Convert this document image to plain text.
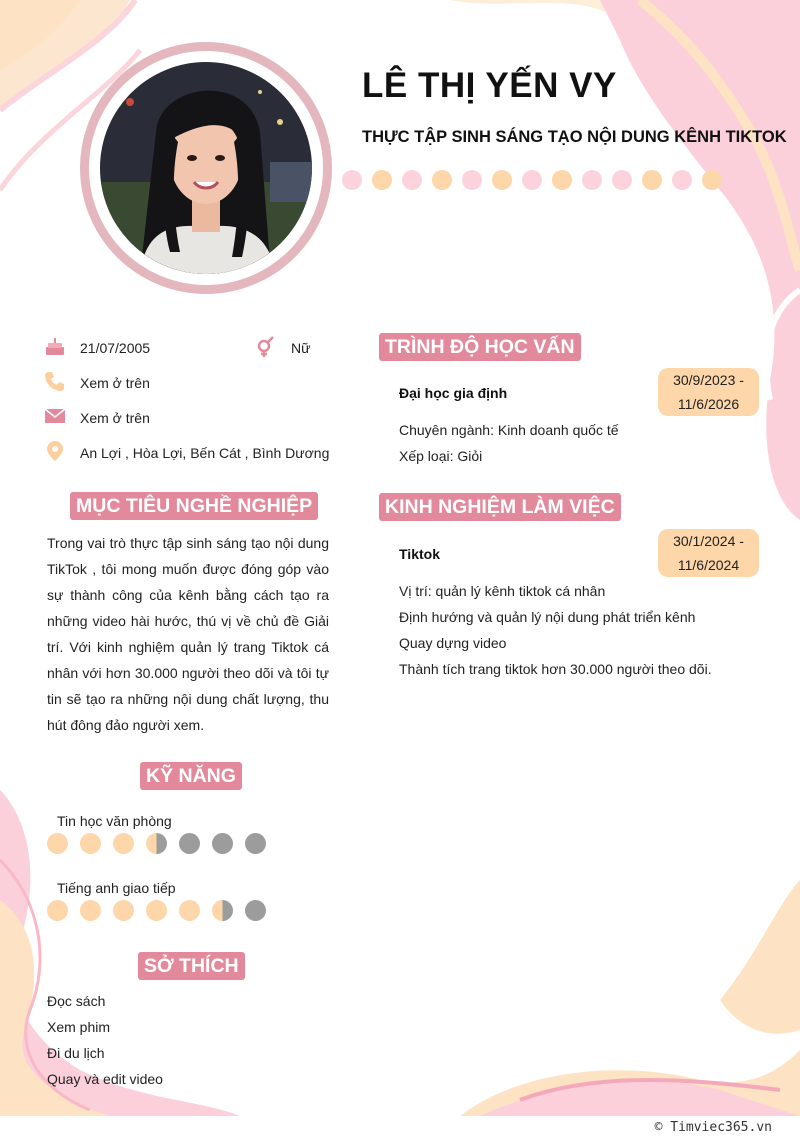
LÊ THỊ YẾN VY
THỰC TẬP SINH SÁNG TẠO NỘI DUNG KÊNH TIKTOK
21/07/2005	Nữ
Xem ở trên
Xem ở trên
An Lợi , Hòa Lợi, Bến Cát , Bình Dương
MỤC TIÊU NGHỀ NGHIỆP
Trong vai trò thực tập sinh sáng tạo nội dung TikTok , tôi mong muốn được đóng góp vào sự thành công của kênh bằng cách tạo ra những video hài hước, thú vị về chủ đề Giải trí. Với kinh nghiệm quản lý trang Tiktok cá nhân với hơn 30.000 người theo dõi và tôi tự tin sẽ tạo ra những nội dung chất lượng, thu hút đông đảo người xem.
KỸ NĂNG
Tin học văn phòng
Tiếng anh giao tiếp
SỞ THÍCH
Đọc sách
Xem phim
Đi du lịch
Quay và edit video
TRÌNH ĐỘ HỌC VẤN
Đại học gia định
30/9/2023 -
11/6/2026
Chuyên ngành: Kinh doanh quốc tế
Xếp loại: Giỏi
KINH NGHIỆM LÀM VIỆC
Tiktok
30/1/2024 -
11/6/2024
Vị trí: quản lý kênh tiktok cá nhân
Định hướng và quản lý nội dung phát triển kênh
Quay dựng video
Thành tích trang tiktok hơn 30.000 người theo dõi.
© Timviec365.vn
